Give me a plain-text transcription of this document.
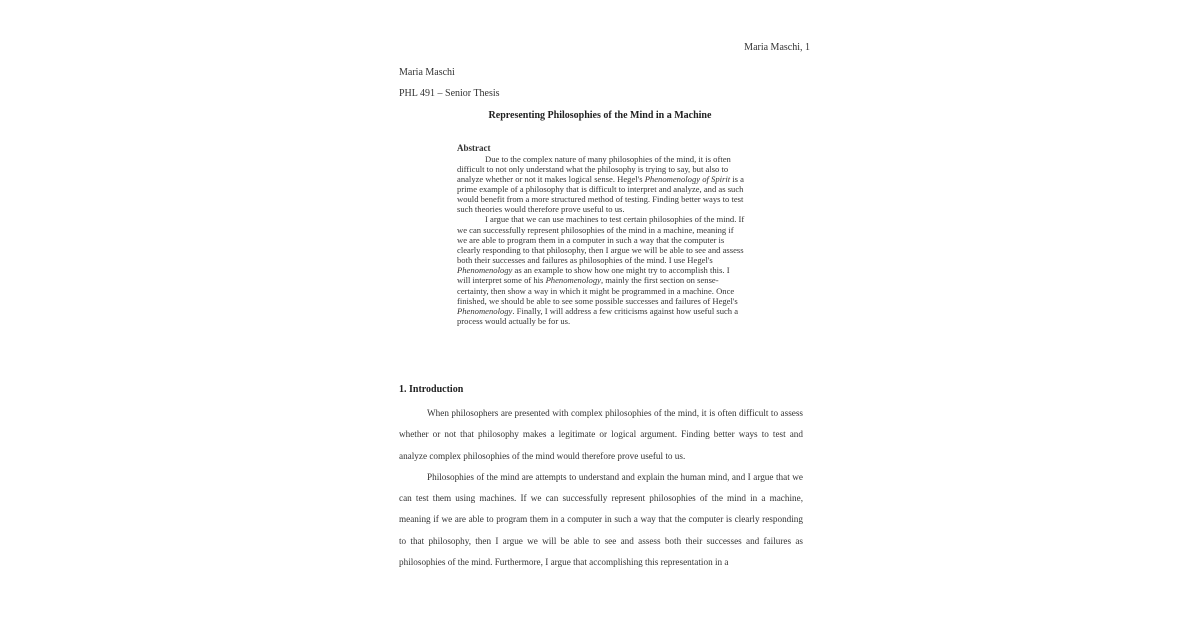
Maria Maschi, 1
Maria Maschi
PHL 491 – Senior Thesis
Representing Philosophies of the Mind in a Machine
Abstract

Due to the complex nature of many philosophies of the mind, it is often difficult to not only understand what the philosophy is trying to say, but also to analyze whether or not it makes logical sense. Hegel's Phenomenology of Spirit is a prime example of a philosophy that is difficult to interpret and analyze, and as such would benefit from a more structured method of testing. Finding better ways to test such theories would therefore prove useful to us.

I argue that we can use machines to test certain philosophies of the mind. If we can successfully represent philosophies of the mind in a machine, meaning if we are able to program them in a computer in such a way that the computer is clearly responding to that philosophy, then I argue we will be able to see and assess both their successes and failures as philosophies of the mind. I use Hegel's Phenomenology as an example to show how one might try to accomplish this. I will interpret some of his Phenomenology, mainly the first section on sense-certainty, then show a way in which it might be programmed in a machine. Once finished, we should be able to see some possible successes and failures of Hegel's Phenomenology. Finally, I will address a few criticisms against how useful such a process would actually be for us.

1. Introduction

When philosophers are presented with complex philosophies of the mind, it is often difficult to assess whether or not that philosophy makes a legitimate or logical argument. Finding better ways to test and analyze complex philosophies of the mind would therefore prove useful to us.

Philosophies of the mind are attempts to understand and explain the human mind, and I argue that we can test them using machines. If we can successfully represent philosophies of the mind in a machine, meaning if we are able to program them in a computer in such a way that the computer is clearly responding to that philosophy, then I argue we will be able to see and assess both their successes and failures as philosophies of the mind. Furthermore, I argue that accomplishing this representation in a
